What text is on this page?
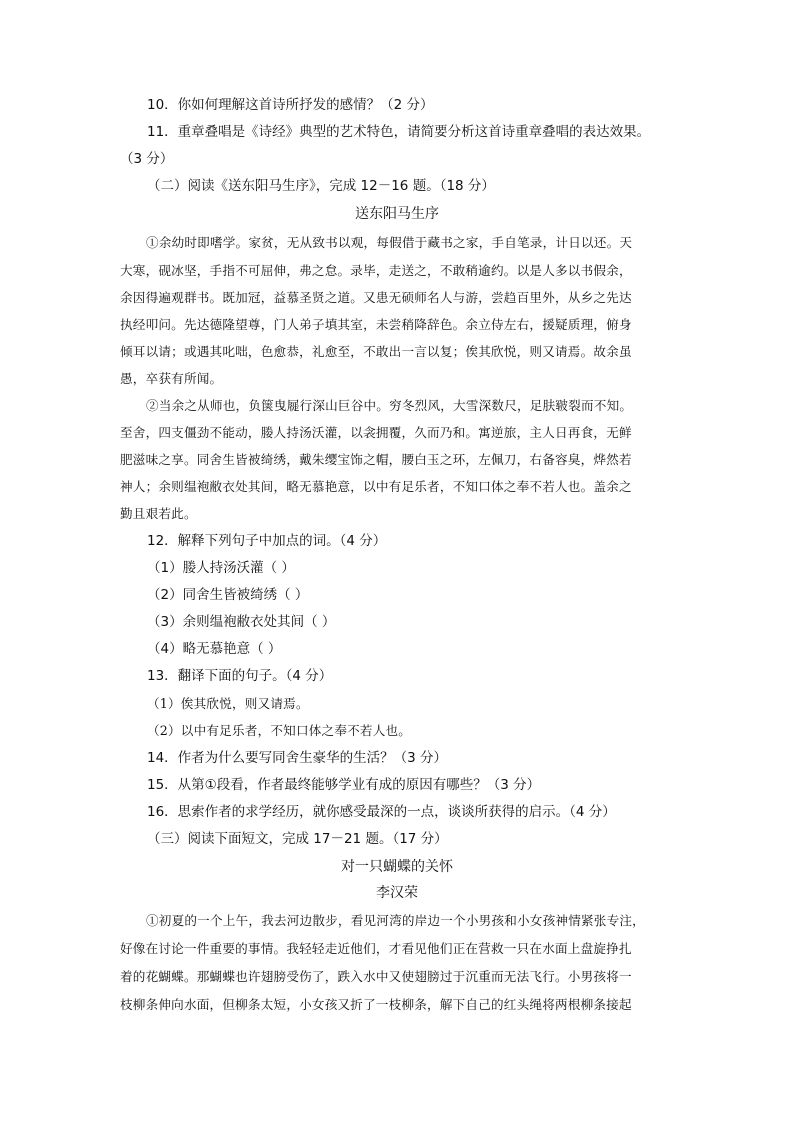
10．你如何理解这首诗所抒发的感情？（2 分）
11．重章叠唱是《诗经》典型的艺术特色，请简要分析这首诗重章叠唱的表达效果。
（3 分）
（二）阅读《送东阳马生序》，完成 12－16 题。（18 分）
送东阳马生序
①余幼时即嗜学。家贫，无从致书以观，每假借于藏书之家，手自笔录，计日以还。天
大寒，砚冰坚，手指不可屈伸，弗之怠。录毕，走送之，不敢稍逾约。以是人多以书假余，
余因得遍观群书。既加冠，益慕圣贤之道。又患无硕师名人与游，尝趋百里外，从乡之先达
执经叩问。先达德隆望尊，门人弟子填其室，未尝稍降辞色。余立侍左右，援疑质理，俯身
倾耳以请；或遇其叱咄，色愈恭，礼愈至，不敢出一言以复；俟其欣悦，则又请焉。故余虽
愚，卒获有所闻。
②当余之从师也，负箧曳屣行深山巨谷中。穷冬烈风，大雪深数尺，足肤皲裂而不知。
至舍，四支僵劲不能动，媵人持汤沃灌，以衾拥覆，久而乃和。寓逆旅，主人日再食，无鲜
肥滋味之享。同舍生皆被绮绣，戴朱缨宝饰之帽，腰白玉之环，左佩刀，右备容臭，烨然若
神人；余则缊袍敝衣处其间，略无慕艳意，以中有足乐者，不知口体之奉不若人也。盖余之
勤且艰若此。
12．解释下列句子中加点的词。（4 分）
（1）媵人持汤沃灌（ ）
（2）同舍生皆被绮绣（ ）
（3）余则缊袍敝衣处其间（ ）
（4）略无慕艳意（ ）
13．翻译下面的句子。（4 分）
（1）俟其欣悦，则又请焉。
（2）以中有足乐者，不知口体之奉不若人也。
14．作者为什么要写同舍生豪华的生活？（3 分）
15．从第①段看，作者最终能够学业有成的原因有哪些？（3 分）
16．思索作者的求学经历，就你感受最深的一点，谈谈所获得的启示。（4 分）
（三）阅读下面短文，完成 17－21 题。（17 分）
对一只蝴蝶的关怀
李汉荣
①初夏的一个上午，我去河边散步，看见河湾的岸边一个小男孩和小女孩神情紧张专注，
好像在讨论一件重要的事情。我轻轻走近他们，才看见他们正在营救一只在水面上盘旋挣扎
着的花蝴蝶。那蝴蝶也许翅膀受伤了，跌入水中又使翅膀过于沉重而无法飞行。小男孩将一
枝柳条伸向水面，但柳条太短，小女孩又折了一枝柳条，解下自己的红头绳将两根柳条接起
